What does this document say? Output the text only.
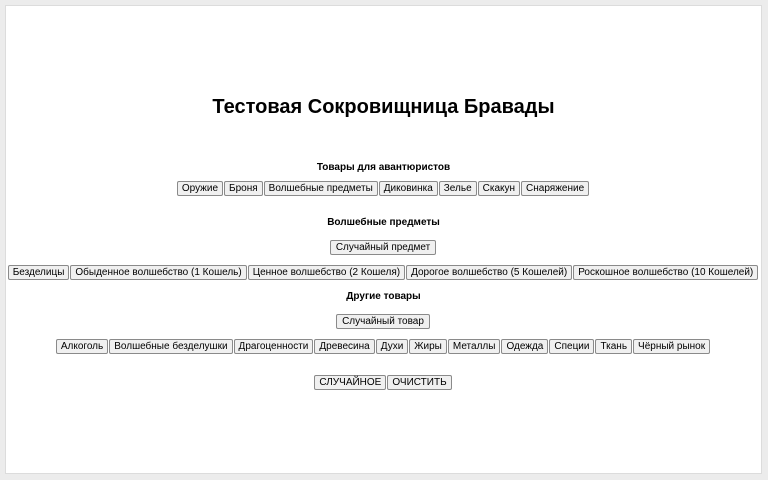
Тестовая Сокровищница Бравады
Товары для авантюристов
Оружие	Броня	Волшебные предметы	Диковинка	Зелье	Скакун	Снаряжение
Волшебные предметы
Случайный предмет
Безделицы	Обыденное волшебство (1 Кошель)	Ценное волшебство (2 Кошеля)	Дорогое волшебство (5 Кошелей)	Роскошное волшебство (10 Кошелей)
Другие товары
Случайный товар
Алкоголь	Волшебные безделушки	Драгоценности	Древесина	Духи	Жиры	Металлы	Одежда	Специи	Ткань	Чёрный рынок
СЛУЧАЙНОЕ	ОЧИСТИТЬ
